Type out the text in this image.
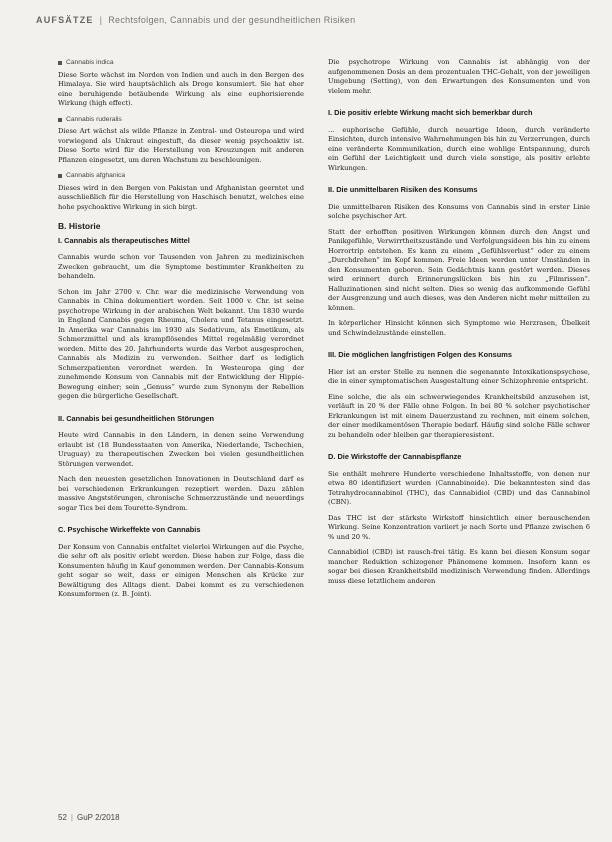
AUFSÄTZE | Rechtsfolgen, Cannabis und der gesundheitlichen Risiken
Cannabis indica

Diese Sorte wächst im Norden von Indien und auch in den Bergen des Himalaya. Sie wird hauptsächlich als Droge konsumiert. Sie hat eher eine beruhigende betäubende Wirkung als eine euphorisierende Wirkung (high effect).

Cannabis ruderalis

Diese Art wächst als wilde Pflanze in Zentral- und Osteuropa und wird vorwiegend als Unkraut eingestuft, da dieser wenig psychoaktiv ist. Diese Sorte wird für die Herstellung von Kreuzungen mit anderen Pflanzen eingesetzt, um deren Wachstum zu beschleunigen.

Cannabis afghanica

Dieses wird in den Bergen von Pakistan und Afghanistan geerntet und ausschließlich für die Herstellung von Haschisch benutzt, welches eine hohe psychoaktive Wirkung in sich birgt.

B. Historie
I. Cannabis als therapeutisches Mittel

Cannabis wurde schon vor Tausenden von Jahren zu medizinischen Zwecken gebraucht, um die Symptome bestimmter Krankheiten zu behandeln.

Schon im Jahr 2700 v. Chr. war die medizinische Verwendung von Cannabis in China dokumentiert worden. Seit 1000 v. Chr. ist seine psychotrope Wirkung in der arabischen Welt bekannt. Um 1830 wurde in England Cannabis gegen Rheuma, Cholera und Tetanus eingesetzt. In Amerika war Cannabis im 1930 als Sedativum, als Emetikum, als Schmerzmittel und als krampflösendes Mittel regelmäßig verordnet worden. Mitte des 20. Jahrhunderts wurde das Verbot ausgesprochen, Cannabis als Medizin zu verwenden. Seither darf es lediglich Schmerzpatienten verordnet werden. In Westeuropa ging der zunehmende Konsum von Cannabis mit der Entwicklung der Hippie-Bewegung einher; sein „Genuss“ wurde zum Synonym der Rebellion gegen die bürgerliche Gesellschaft.

II. Cannabis bei gesundheitlichen Störungen

Heute wird Cannabis in den Ländern, in denen seine Verwendung erlaubt ist (18 Bundesstaaten von Amerika, Niederlande, Tschechien, Uruguay) zu therapeutischen Zwecken bei vielen gesundheitlichen Störungen verwendet.

Nach den neuesten gesetzlichen Innovationen in Deutschland darf es bei verschiedenen Erkrankungen rezeptiert werden. Dazu zählen massive Angststörungen, chronische Schmerzzustände und neuerdings sogar Tics bei dem Tourette-Syndrom.

C. Psychische Wirkeffekte von Cannabis

Der Konsum von Cannabis entfaltet vielerlei Wirkungen auf die Psyche, die sehr oft als positiv erlebt werden. Diese haben zur Folge, dass die Konsumenten häufig in Kauf genommen werden. Der Cannabis-Konsum geht sogar so weit, dass er einigen Menschen als Krücke zur Bewältigung des Alltags dient. Dabei kommt es zu verschiedenen Konsumformen (z. B. Joint).

Die psychotrope Wirkung von Cannabis ist abhängig von der aufgenommenen Dosis an dem prozentualen THC-Gehalt, von der jeweiligen Umgebung (Setting), von den Erwartungen des Konsumenten und von vielem mehr.

I. Die positiv erlebte Wirkung macht sich bemerkbar durch

… euphorische Gefühle, durch neuartige Ideen, durch veränderte Einsichten, durch intensive Wahrnehmungen bis hin zu Verzerrungen, durch eine veränderte Kommunikation, durch eine wohlige Entspannung, durch ein Gefühl der Leichtigkeit und durch viele sonstige, als positiv erlebte Wirkungen.

II. Die unmittelbaren Risiken des Konsums

Die unmittelbaren Risiken des Konsums von Cannabis sind in erster Linie solche psychischer Art.

Statt der erhofften positiven Wirkungen können durch den Angst und Panikgefühle, Verwirrtheitszustände und Verfolgungsideen bis hin zu einem Horrortrip entstehen. Es kann zu einem „Gefühlsverlust“ oder zu einem „Durchdrehen“ im Kopf kommen. Freie Ideen werden unter Umständen in den Konsumenten geboren. Sein Gedächtnis kann gestört werden. Dieses wird erinnert durch Erinnerungslücken bis hin zu „Filmrissen“. Halluzinationen sind nicht selten. Dies so wenig das aufkommende Gefühl der Ausgrenzung und auch dieses, was den Anderen nicht mehr mitteilen zu können.

In körperlicher Hinsicht können sich Symptome wie Herzrasen, Übelkeit und Schwindelzustände einstellen.

III. Die möglichen langfristigen Folgen des Konsums

Hier ist an erster Stelle zu nennen die sogenannte Intoxikationspsychose, die in einer symptomatischen Ausgestaltung einer Schizophrenie entspricht.

Eine solche, die als ein schwerwiegendes Krankheitsbild anzusehen ist, verläuft in 20 % der Fälle ohne Folgen. In bei 80 % solcher psychotischer Erkrankungen ist mit einem Dauerzustand zu rechnen, mit einem solchen, der einer medikamentösen Therapie bedarf. Häufig sind solche Fälle schwer zu behandeln oder bleiben gar therapieresistent.

D. Die Wirkstoffe der Cannabispflanze

Sie enthält mehrere Hunderte verschiedene Inhaltsstoffe, von denen nur etwa 80 identifiziert wurden (Cannabinoide). Die bekanntesten sind das Tetrahydrocannabinol (THC), das Cannabidiol (CBD) und das Cannabinol (CBN).

Das THC ist der stärkste Wirkstoff hinsichtlich einer berauschenden Wirkung. Seine Konzentration variiert je nach Sorte und Pflanze zwischen 6 % und 20 %.

Cannabidiol (CBD) ist rausch-frei tätig. Es kann bei diesen Konsum sogar mancher Reduktion schizogener Phänomene kommen. Insofern kann es sogar bei diesen Krankheitsbild medizinisch Verwendung finden. Allerdings muss diese letztlichem anderen

52 | GuP 2/2018
